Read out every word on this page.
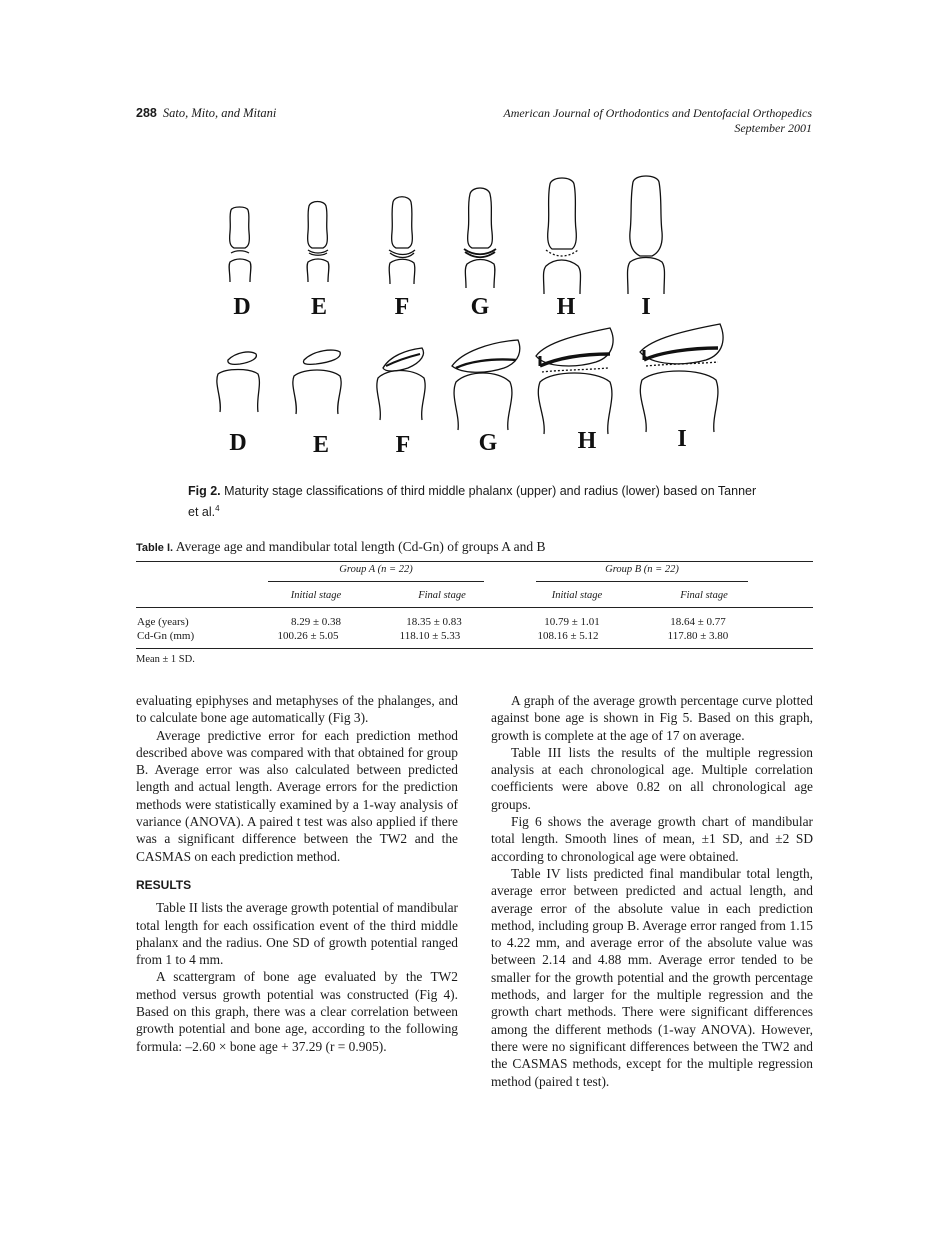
288 Sato, Mito, and Mitani	American Journal of Orthodontics and Dentofacial Orthopedics
September 2001
D	E	F	G	H	I
D	E	F	G	H	I
Fig 2. Maturity stage classifications of third middle phalanx (upper) and radius (lower) based on Tanner et al.$^4$
Table I. Average age and mandibular total length (Cd-Gn) of groups A and B
Group A (n = 22)	Group B (n = 22)
Initial stage	Final stage	Initial stage	Final stage
Age (years)	8.29 ± 0.38	18.35 ± 0.83	10.79 ± 1.01	18.64 ± 0.77
Cd-Gn (mm)	100.26 ± 5.05	118.10 ± 5.33	108.16 ± 5.12	117.80 ± 3.80
Mean ± 1 SD.

evaluating epiphyses and metaphyses of the phalanges, and to calculate bone age automatically (Fig 3).

Average predictive error for each prediction method described above was compared with that obtained for group B. Average error was also calculated between predicted length and actual length. Average errors for the prediction methods were statistically examined by a 1-way analysis of variance (ANOVA). A paired t test was also applied if there was a significant difference between the TW2 and the CASMAS on each prediction method.

RESULTS

Table II lists the average growth potential of mandibular total length for each ossification event of the third middle phalanx and the radius. One SD of growth potential ranged from 1 to 4 mm.

A scattergram of bone age evaluated by the TW2 method versus growth potential was constructed (Fig 4). Based on this graph, there was a clear correlation between growth potential and bone age, according to the following formula: –2.60 × bone age + 37.29 (r = 0.905).

A graph of the average growth percentage curve plotted against bone age is shown in Fig 5. Based on this graph, growth is complete at the age of 17 on average.

Table III lists the results of the multiple regression analysis at each chronological age. Multiple correlation coefficients were above 0.82 on all chronological age groups.

Fig 6 shows the average growth chart of mandibular total length. Smooth lines of mean, ±1 SD, and ±2 SD according to chronological age were obtained.

Table IV lists predicted final mandibular total length, average error between predicted and actual length, and average error of the absolute value in each prediction method, including group B. Average error ranged from 1.15 to 4.22 mm, and average error of the absolute value was between 2.14 and 4.88 mm. Average error tended to be smaller for the growth potential and the growth percentage methods, and larger for the multiple regression and the growth chart methods. There were significant differences among the different methods (1-way ANOVA). However, there were no significant differences between the TW2 and the CASMAS methods, except for the multiple regression method (paired t test).
